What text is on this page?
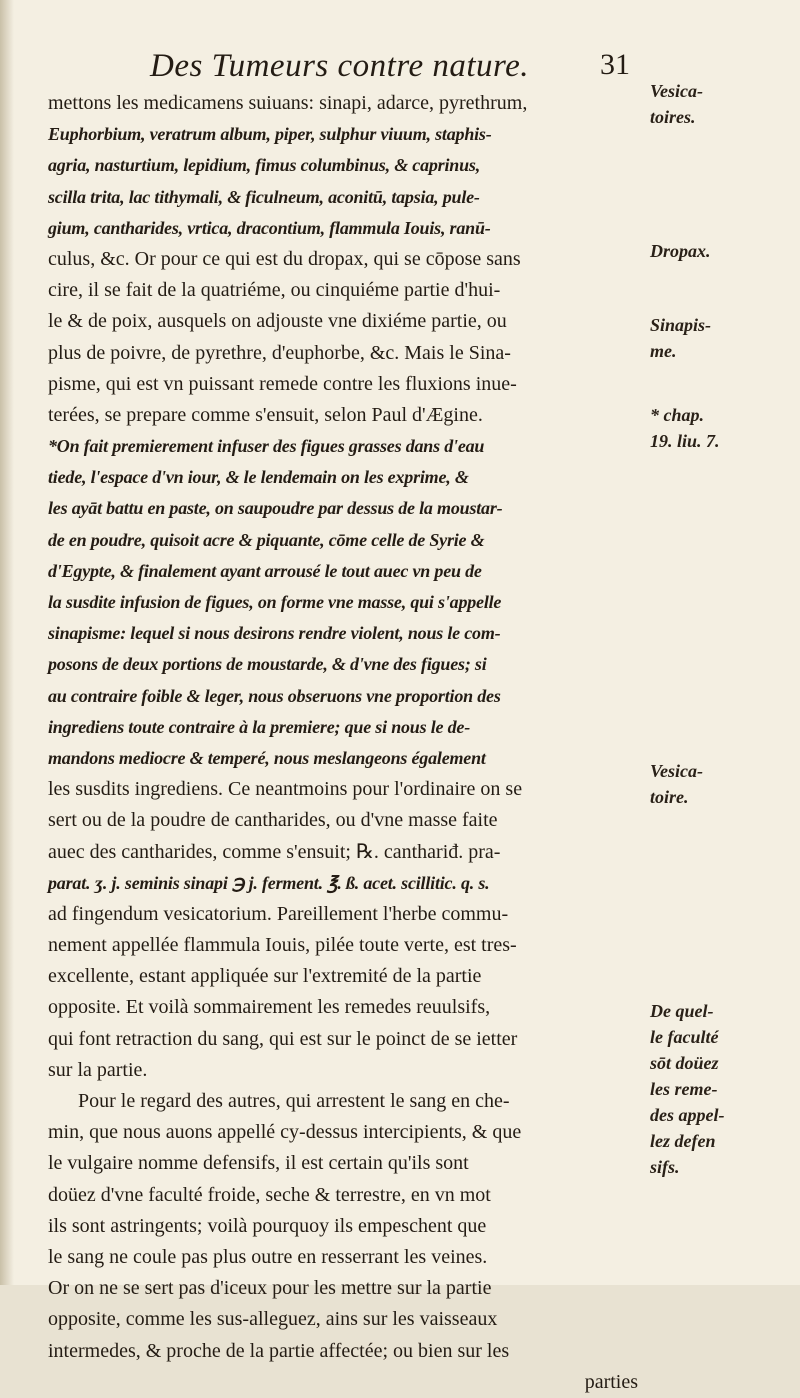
Des Tumeurs contre nature. 31
mettons les medicamens suiuans: sinapi, adarce, pyrethrum,
Euphorbium, veratrum album, piper, sulphur viuum, staphis-
agria, nasturtium, lepidium, fimus columbinus, & caprinus,
scilla trita, lac tithymali, & ficulneum, aconitū, tapsia, pule-
gium, cantharides, vrtica, dracontium, flammula Iouis, ranū-
culus, &c. Or pour ce qui est du dropax, qui se cōpose sans
cire, il se fait de la quatriéme, ou cinquiéme partie d'hui-
le & de poix, ausquels on adjouste vne dixiéme partie, ou
plus de poivre, de pyrethre, d'euphorbe, &c. Mais le Sina-
pisme, qui est vn puissant remede contre les fluxions inue-
terées, se prepare comme s'ensuit, selon Paul d'Ægine.
*On fait premierement infuser des figues grasses dans d'eau
tiede, l'espace d'vn iour, & le lendemain on les exprime, &
les ayāt battu en paste, on saupoudre par dessus de la moustar-
de en poudre, quisoit acre & piquante, cōme celle de Syrie &
d'Egypte, & finalement ayant arrousé le tout auec vn peu de
la susdite infusion de figues, on forme vne masse, qui s'appelle
sinapisme: lequel si nous desirons rendre violent, nous le com-
posons de deux portions de moustarde, & d'vne des figues; si
au contraire foible & leger, nous obseruons vne proportion des
ingrediens toute contraire à la premiere; que si nous le de-
mandons mediocre & temperé, nous meslangeons également
les susdits ingrediens. Ce neantmoins pour l'ordinaire on se
sert ou de la poudre de cantharides, ou d'vne masse faite
auec des cantharides, comme s'ensuit; ℞. canthariđ. pra-
parat. ʒ. j. seminis sinapi ℈ j. ferment. ℥. ß. acet. scillitic. q. s.
ad fingendum vesicatorium. Pareillement l'herbe commu-
nement appellée flammula Iouis, pilée toute verte, est tres-
excellente, estant appliquée sur l'extremité de la partie
opposite. Et voilà sommairement les remedes reuulsifs,
qui font retraction du sang, qui est sur le poinct de se ietter
sur la partie.
Pour le regard des autres, qui arrestent le sang en che-
min, que nous auons appellé cy-dessus intercipients, & que
le vulgaire nomme defensifs, il est certain qu'ils sont
doüez d'vne faculté froide, seche & terrestre, en vn mot
ils sont astringents; voilà pourquoy ils empeschent que
le sang ne coule pas plus outre en resserrant les veines.
Or on ne se sert pas d'iceux pour les mettre sur la partie
opposite, comme les sus-alleguez, ains sur les vaisseaux
intermedes, & proche de la partie affectée; ou bien sur les
parties
Vesica-
toires.
Dropax.
Sinapis-
me.
* chap.
19. liu. 7.
Vesica-
toire.
De quel-
le faculté
sōt doüez
les reme-
des appel-
lez defen
sifs.
